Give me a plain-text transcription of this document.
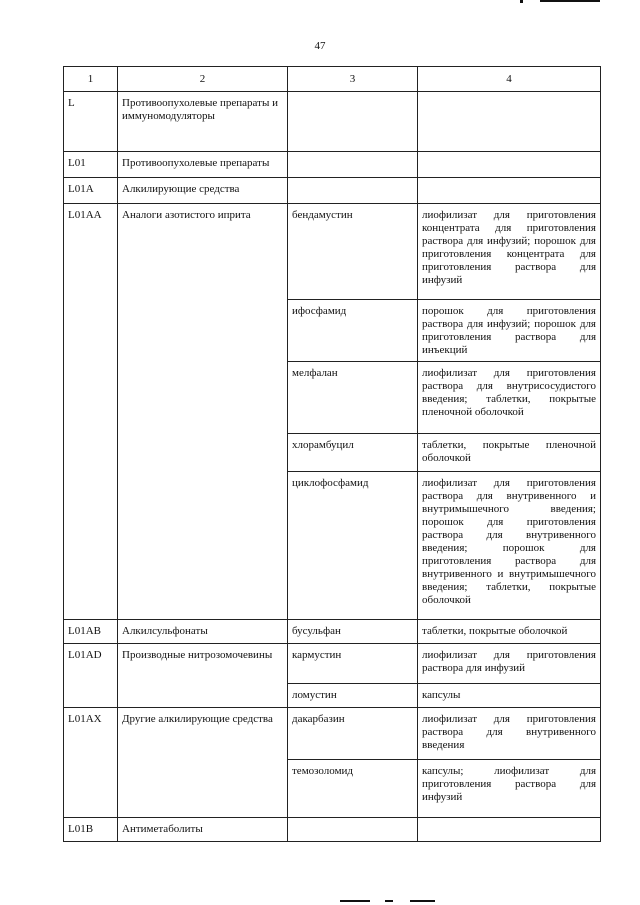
47
1	2	3	4
L	Противоопухолевые препараты и иммуномодуляторы		
L01	Противоопухолевые препараты		
L01A	Алкилирующие средства		
L01AA	Аналоги азотистого иприта	бендамустин	лиофилизат для приготовления концентрата для приготовления раствора для инфузий; порошок для приготовления концентрата для приготовления раствора для инфузий
		ифосфамид	порошок для приготовления раствора для инфузий; порошок для приготовления раствора для инъекций
		мелфалан	лиофилизат для приготовления раствора для внутрисосудистого введения; таблетки, покрытые пленочной оболочкой
		хлорамбуцил	таблетки, покрытые пленочной оболочкой
		циклофосфамид	лиофилизат для приготовления раствора для внутривенного и внутримышечного введения; порошок для приготовления раствора для внутривенного введения; порошок для приготовления раствора для внутривенного и внутримышечного введения; таблетки, покрытые оболочкой
L01AB	Алкилсульфонаты	бусульфан	таблетки, покрытые оболочкой
L01AD	Производные нитрозомочевины	кармустин	лиофилизат для приготовления раствора для инфузий
		ломустин	капсулы
L01AX	Другие алкилирующие средства	дакарбазин	лиофилизат для приготовления раствора для внутривенного введения
		темозоломид	капсулы; лиофилизат для приготовления раствора для инфузий
L01B	Антиметаболиты		
